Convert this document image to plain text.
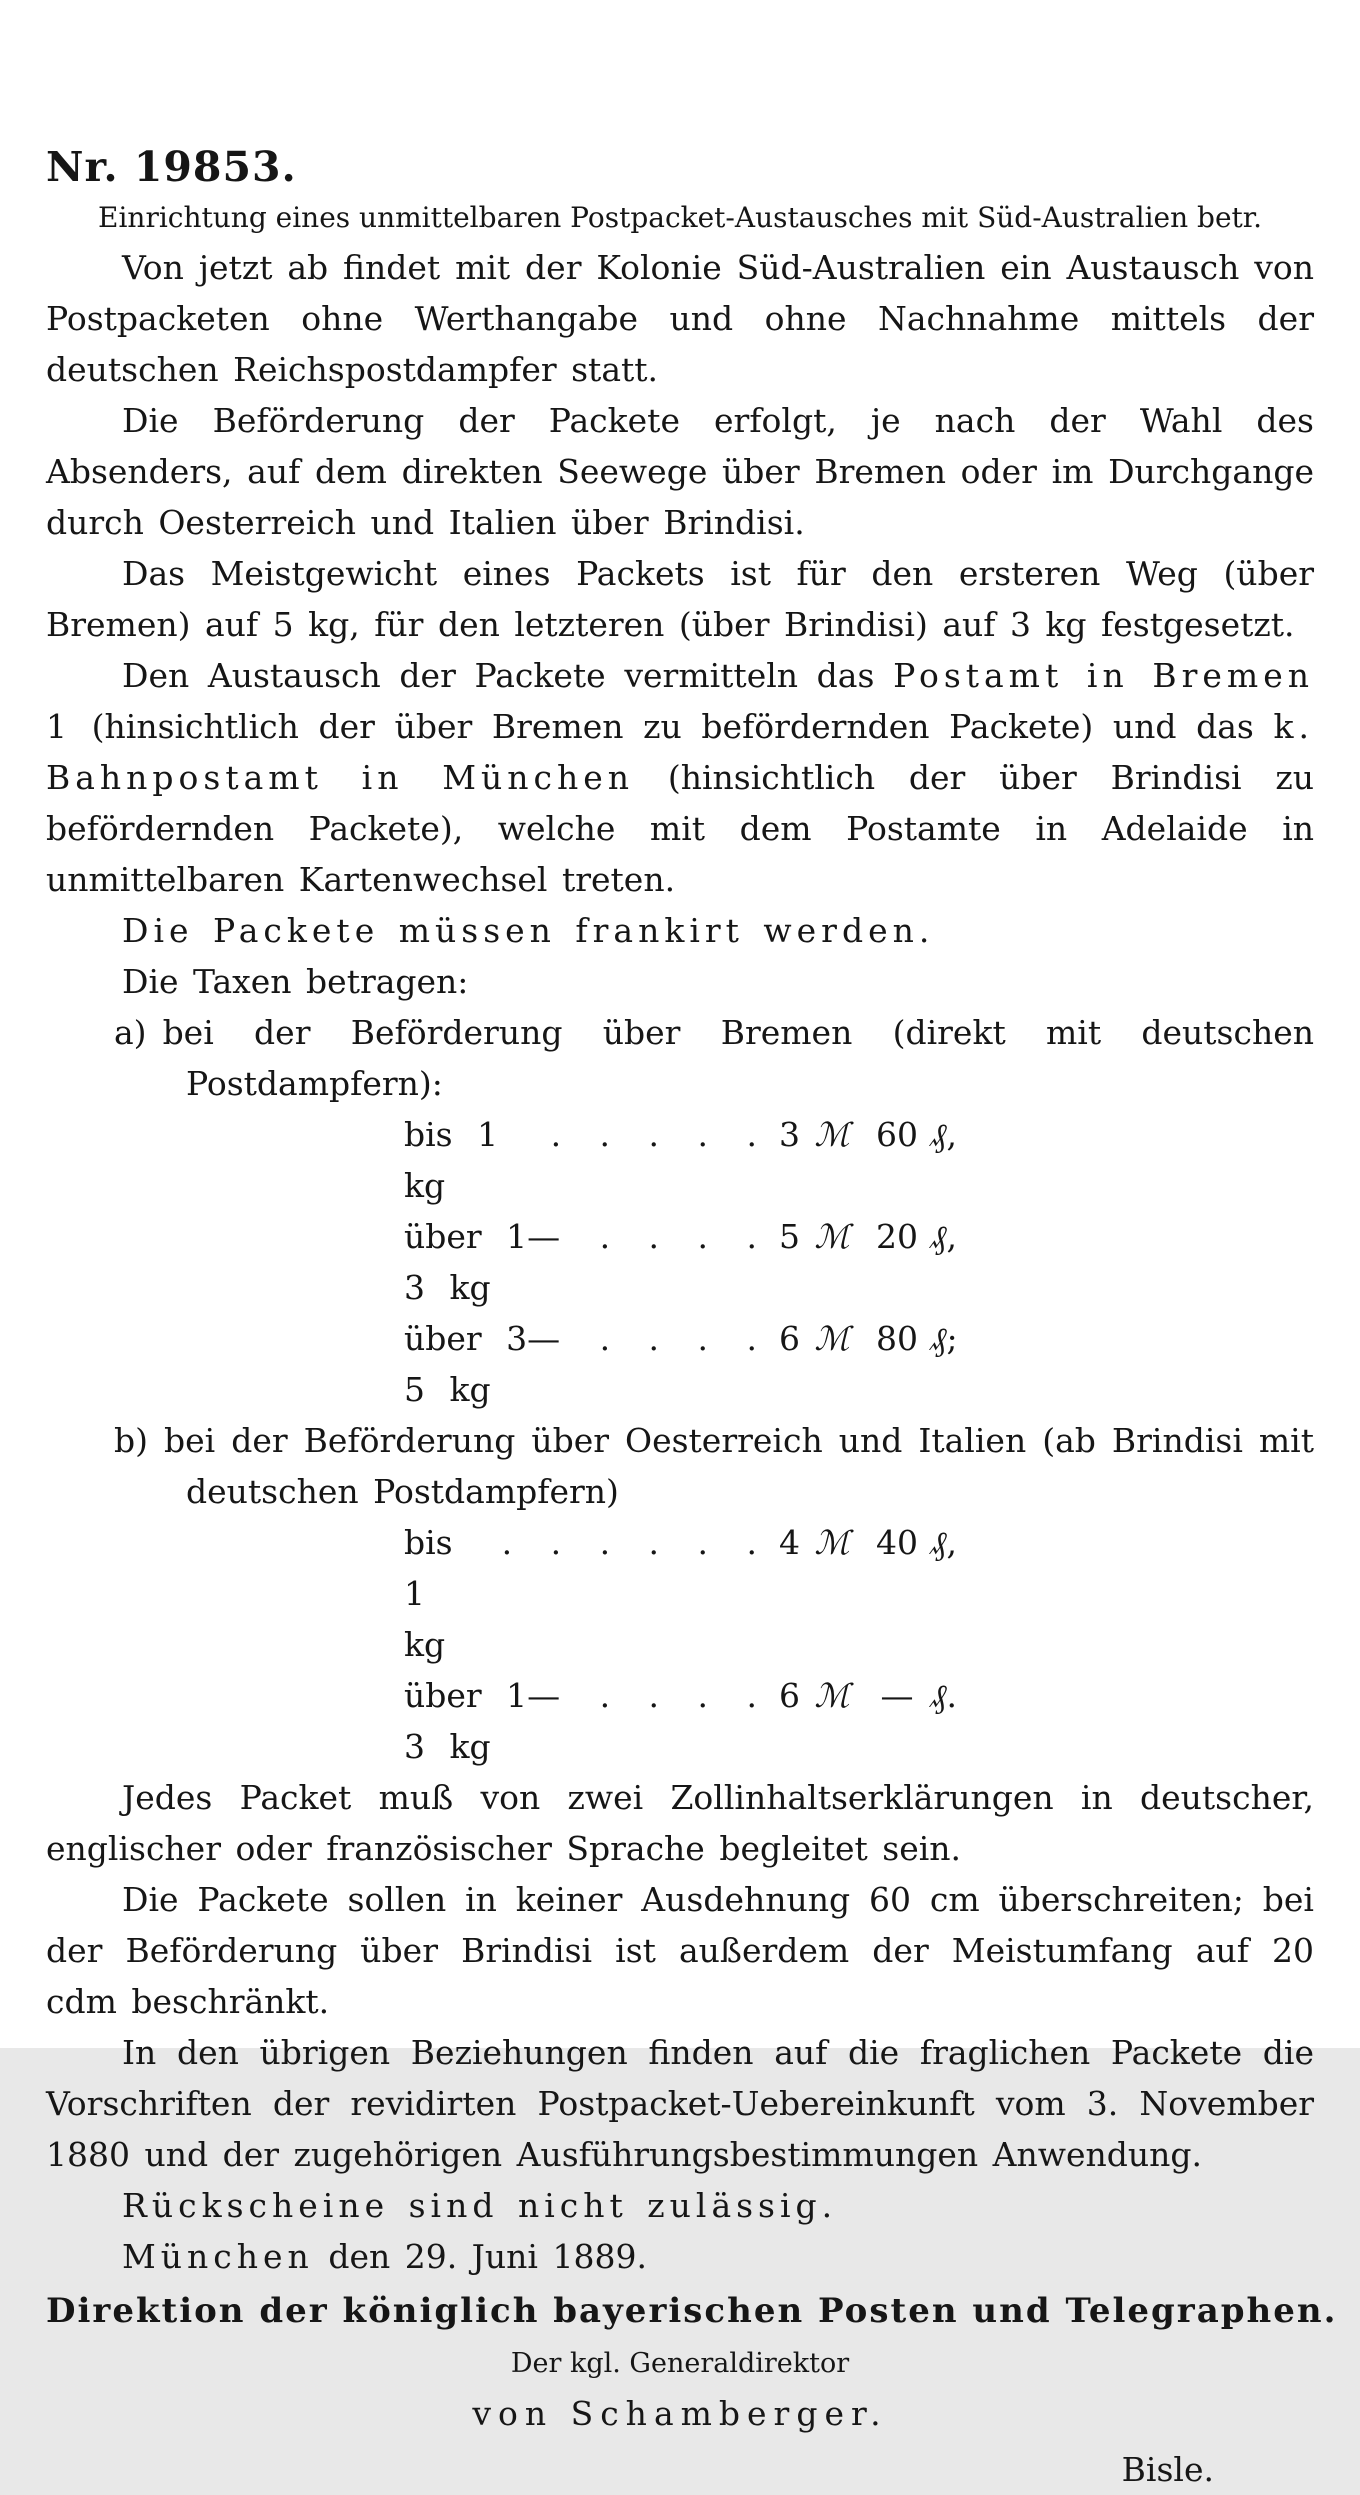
Nr. 19853.

Einrichtung eines unmittelbaren Postpacket-Austausches mit Süd-Australien betr.

Von jetzt ab findet mit der Kolonie Süd-Australien ein Austausch von Postpacketen ohne Werthangabe und ohne Nachnahme mittels der deutschen Reichspostdampfer statt.

Die Beförderung der Packete erfolgt, je nach der Wahl des Absenders, auf dem direkten Seewege über Bremen oder im Durchgange durch Oesterreich und Italien über Brindisi.

Das Meistgewicht eines Packets ist für den ersteren Weg (über Bremen) auf 5 kg, für den letzteren (über Brindisi) auf 3 kg festgesetzt.

Den Austausch der Packete vermitteln das Postamt in Bremen 1 (hinsichtlich der über Bremen zu befördernden Packete) und das k. Bahnpostamt in München (hinsichtlich der über Brindisi zu befördernden Packete), welche mit dem Postamte in Adelaide in unmittelbaren Kartenwechsel treten.

Die Packete müssen frankirt werden.

Die Taxen betragen:

a) bei der Beförderung über Bremen (direkt mit deutschen Postdampfern):

bis 1 kg
. . . . . 3 ℳ 60 ₰ ,
über 1—3 kg
. . . . 5 ℳ 20 ₰ ,
über 3—5 kg
. . . . 6 ℳ 80 ₰ ;

b) bei der Beförderung über Oesterreich und Italien (ab Brindisi mit deutschen Postdampfern)

bis 1 kg
. . . . . . 4 ℳ 40 ₰ ,
über 1—3 kg
. . . . 6 ℳ — ₰ .

Jedes Packet muß von zwei Zollinhaltserklärungen in deutscher, englischer oder französischer Sprache begleitet sein.

Die Packete sollen in keiner Ausdehnung 60 cm überschreiten; bei der Beförderung über Brindisi ist außerdem der Meistumfang auf 20 cdm beschränkt.

In den übrigen Beziehungen finden auf die fraglichen Packete die Vorschriften der revidirten Postpacket-Uebereinkunft vom 3. November 1880 und der zugehörigen Ausführungsbestimmungen Anwendung.

Rückscheine sind nicht zulässig.

München den 29. Juni 1889.

Direktion der königlich bayerischen Posten und Telegraphen.

Der kgl. Generaldirektor

von Schamberger.

Bisle.
